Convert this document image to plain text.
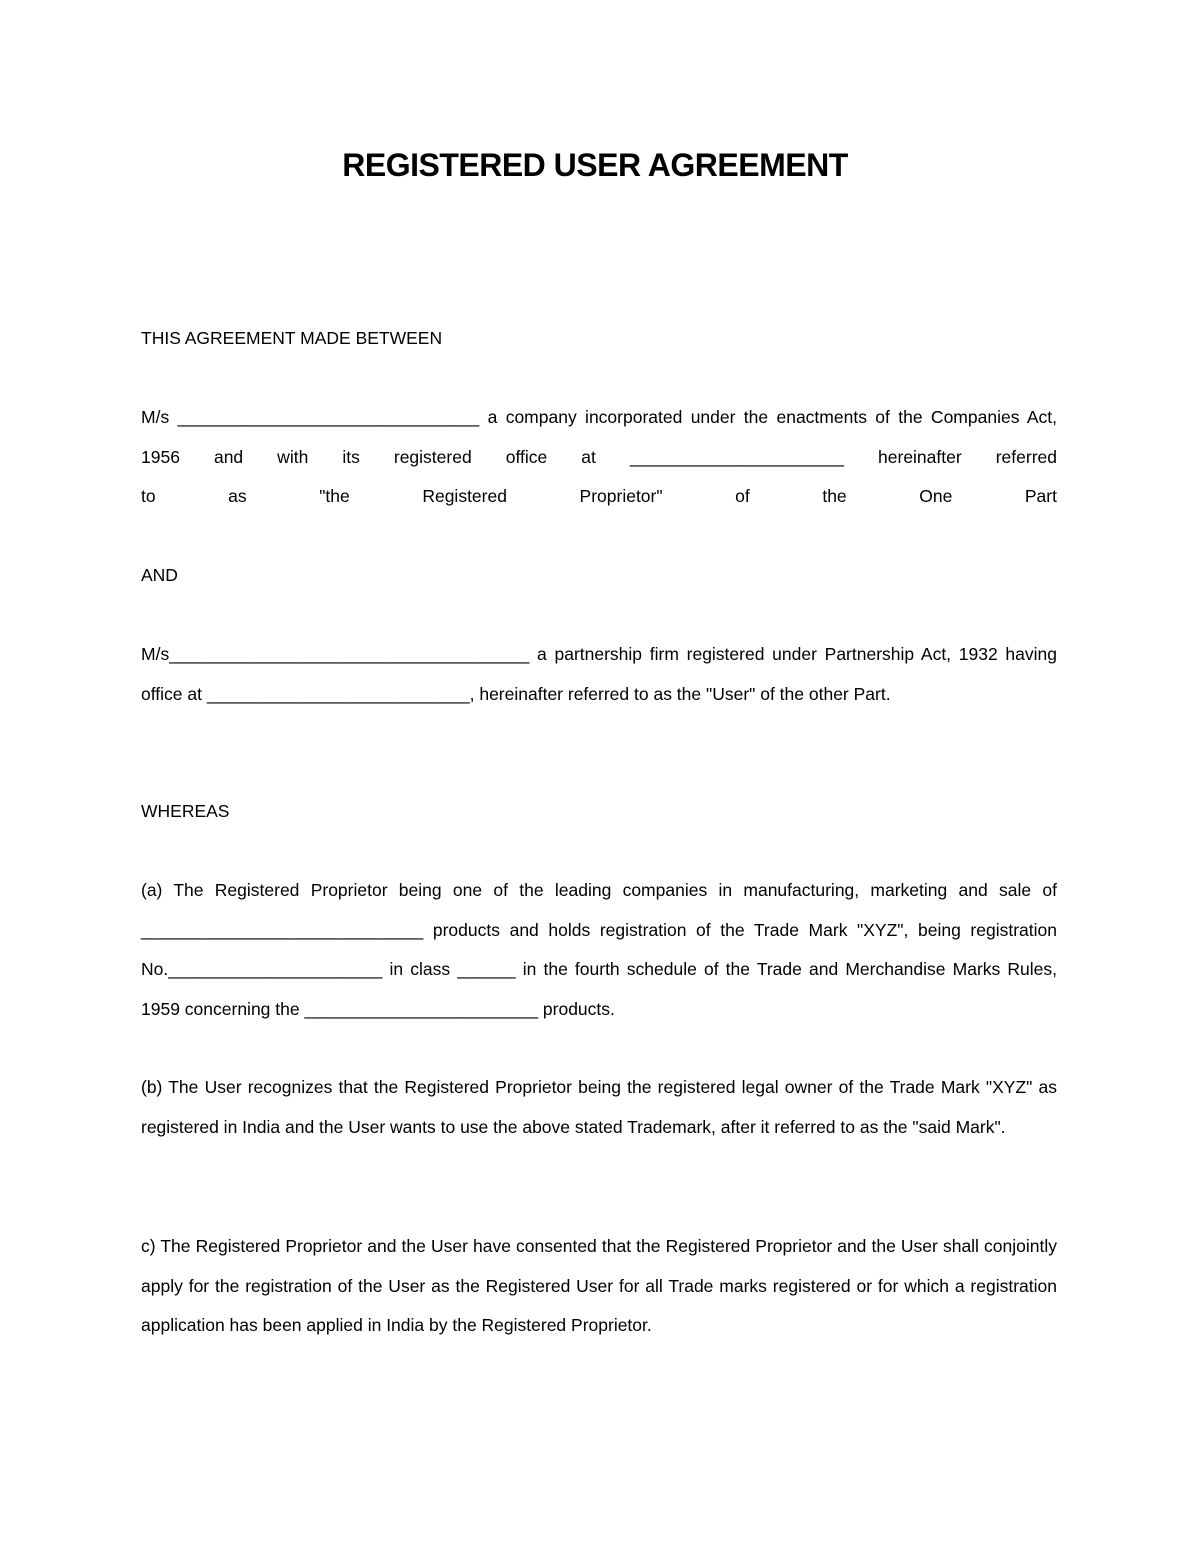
REGISTERED USER AGREEMENT

THIS AGREEMENT MADE BETWEEN

M/s _______________________________ a company incorporated under the enactments of the Companies Act, 1956 and with its registered office at ______________________ hereinafter referred

to	as	"the	Registered	Proprietor"	of	the	One	Part

AND

M/s_____________________________________ a partnership firm registered under Partnership Act, 1932 having office at ___________________________, hereinafter referred to as the "User" of the other Part.

WHEREAS

(a) The Registered Proprietor being one of the leading companies in manufacturing, marketing and sale of _____________________________ products and holds registration of the Trade Mark "XYZ", being registration No.______________________ in class ______ in the fourth schedule of the Trade and Merchandise Marks Rules, 1959 concerning the ________________________ products.

(b) The User recognizes that the Registered Proprietor being the registered legal owner of the Trade Mark "XYZ" as registered in India and the User wants to use the above stated Trademark, after it referred to as the "said Mark".

c) The Registered Proprietor and the User have consented that the Registered Proprietor and the User shall conjointly apply for the registration of the User as the Registered User for all Trade marks registered or for which a registration application has been applied in India by the Registered Proprietor.
